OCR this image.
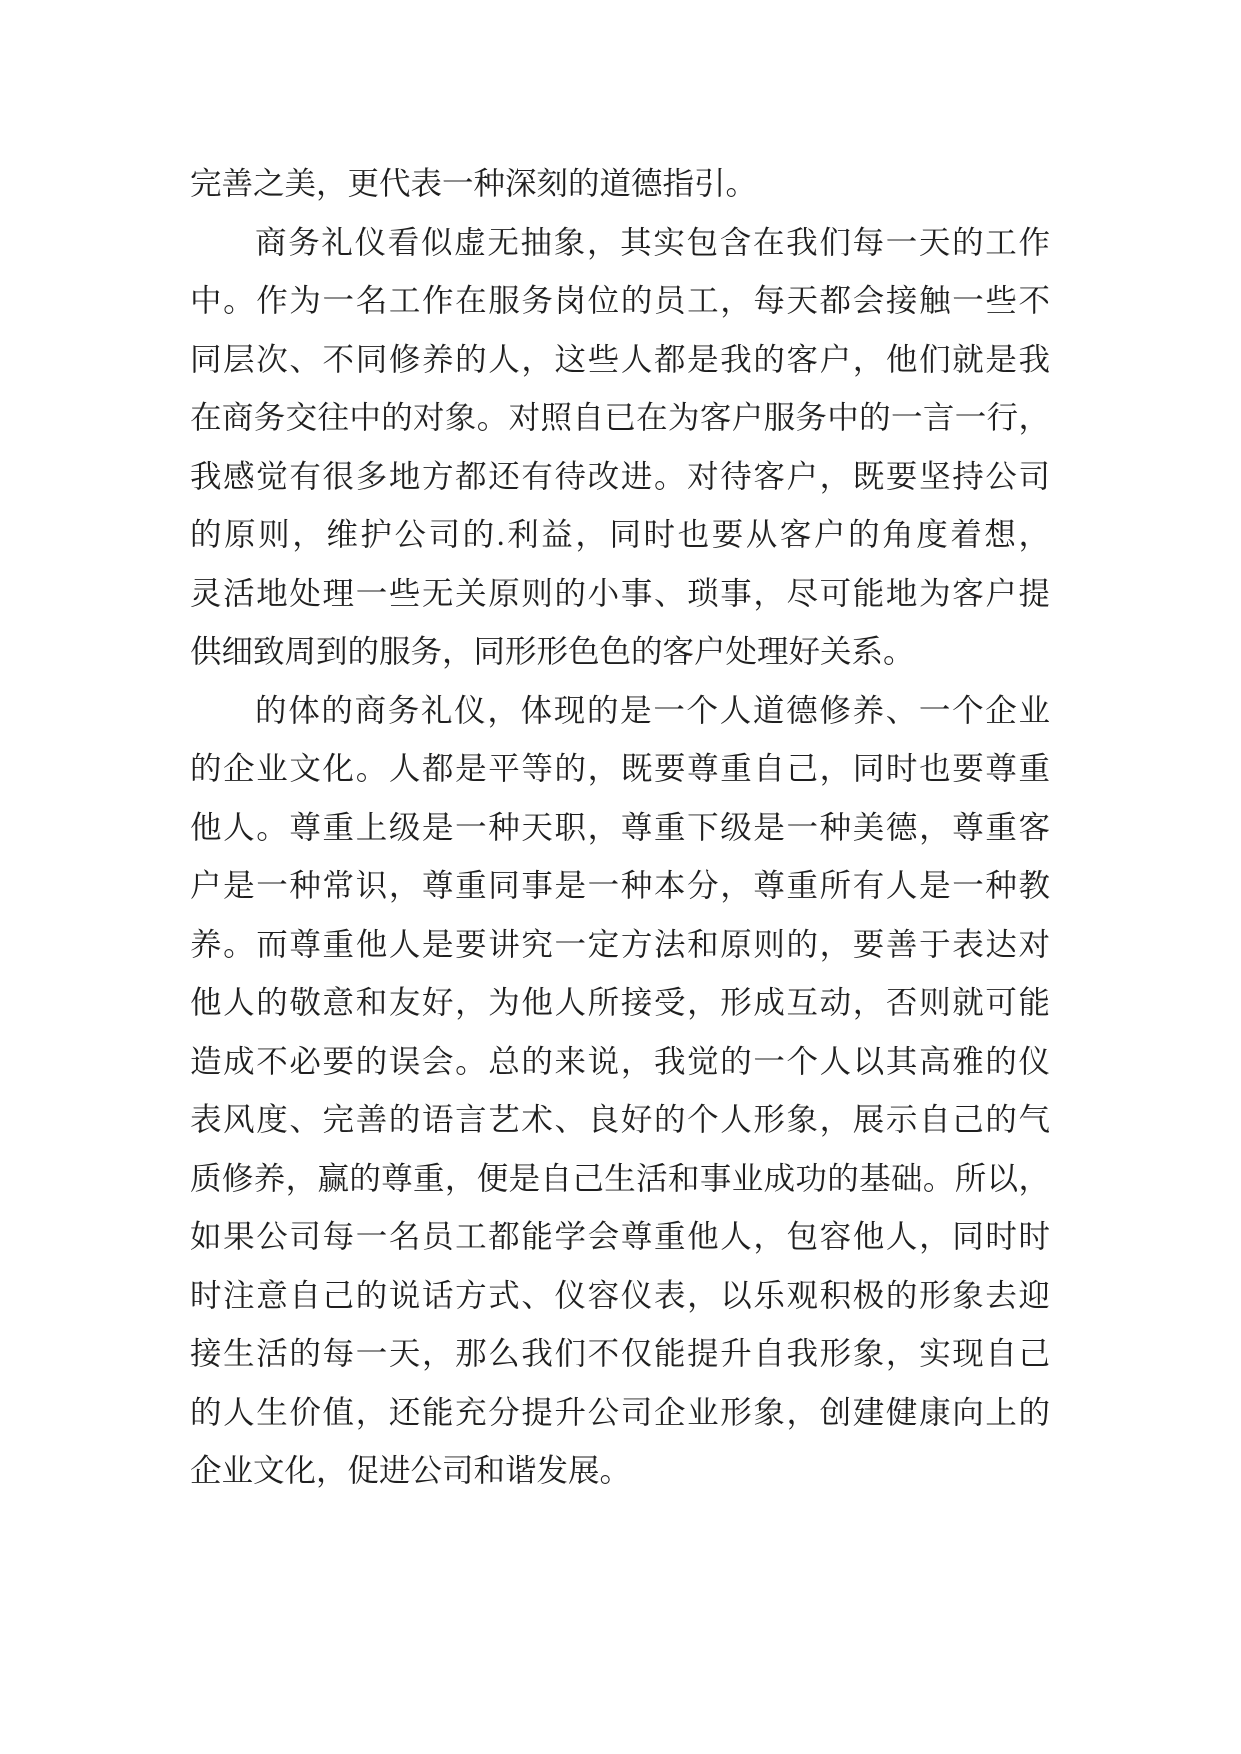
完善之美，更代表一种深刻的道德指引。
商务礼仪看似虚无抽象，其实包含在我们每一天的工作
中。作为一名工作在服务岗位的员工，每天都会接触一些不
同层次、不同修养的人，这些人都是我的客户，他们就是我
在商务交往中的对象。对照自已在为客户服务中的一言一行，
我感觉有很多地方都还有待改进。对待客户，既要坚持公司
的原则，维护公司的.利益，同时也要从客户的角度着想，
灵活地处理一些无关原则的小事、琐事，尽可能地为客户提
供细致周到的服务，同形形色色的客户处理好关系。
的体的商务礼仪，体现的是一个人道德修养、一个企业
的企业文化。人都是平等的，既要尊重自己，同时也要尊重
他人。尊重上级是一种天职，尊重下级是一种美德，尊重客
户是一种常识，尊重同事是一种本分，尊重所有人是一种教
养。而尊重他人是要讲究一定方法和原则的，要善于表达对
他人的敬意和友好，为他人所接受，形成互动，否则就可能
造成不必要的误会。总的来说，我觉的一个人以其高雅的仪
表风度、完善的语言艺术、良好的个人形象，展示自己的气
质修养，赢的尊重，便是自己生活和事业成功的基础。所以，
如果公司每一名员工都能学会尊重他人，包容他人，同时时
时注意自己的说话方式、仪容仪表，以乐观积极的形象去迎
接生活的每一天，那么我们不仅能提升自我形象，实现自己
的人生价值，还能充分提升公司企业形象，创建健康向上的
企业文化，促进公司和谐发展。
